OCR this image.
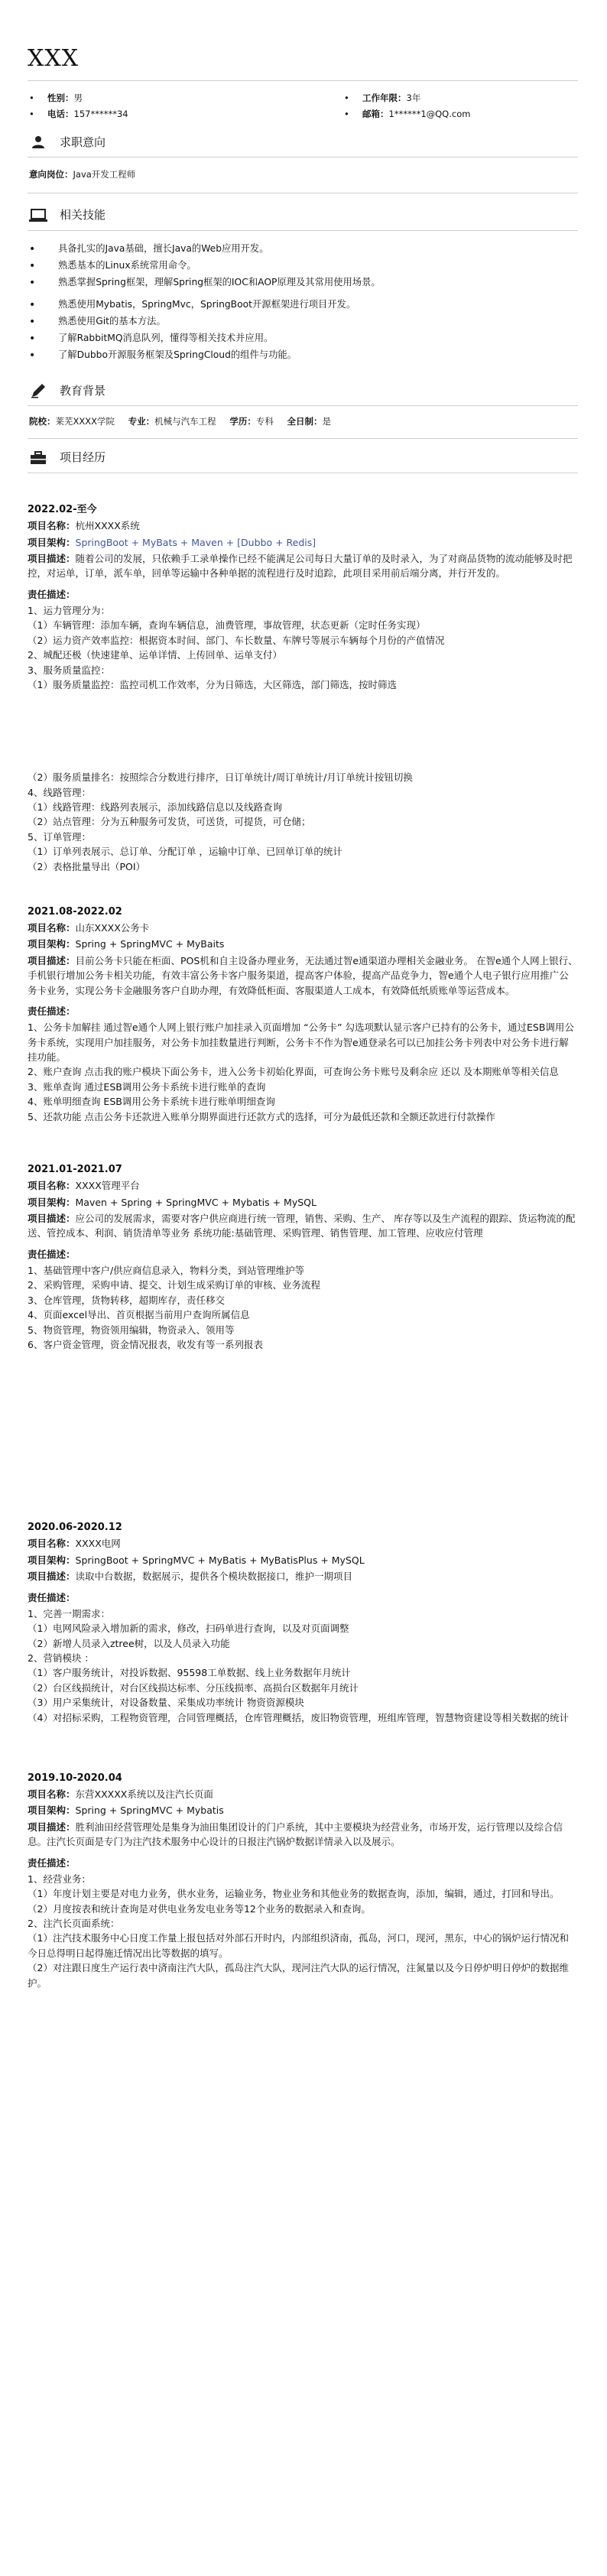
XXX
•	性别： 男	•	工作年限： 3年
•	电话： 157******34	•	邮箱： 1******1@QQ.com
求职意向
意向岗位：Java开发工程师
相关技能
• 具备扎实的Java基础，擅长Java的Web应用开发。
• 熟悉基本的Linux系统常用命令。
• 熟悉掌握Spring框架，理解Spring框架的IOC和AOP原理及其常用使用场景。
• 熟悉使用Mybatis，SpringMvc，SpringBoot开源框架进行项目开发。
• 熟悉使用Git的基本方法。
• 了解RabbitMQ消息队列，懂得等相关技术并应用。
• 了解Dubbo开源服务框架及SpringCloud的组件与功能。
教育背景
院校：莱芜XXXX学院 专业：机械与汽车工程 学历：专科 全日制：是
项目经历

2022.02-至今

项目名称：杭州XXXX系统

项目架构：SpringBoot + MyBats + Maven + [Dubbo + Redis]

项目描述：随着公司的发展，只依赖手工录单操作已经不能满足公司每日大量订单的及时录入，为了对商品货物的流动能够及时把控，对运单，订单，派车单，回单等运输中各种单据的流程进行及时追踪，此项目采用前后端分离，并行开发的。

责任描述：

1、运力管理分为：

（1）车辆管理：添加车辆，查询车辆信息，油费管理，事故管理，状态更新（定时任务实现）

（2）运力资产效率监控：根据资本时间、部门、车长数量、车牌号等展示车辆每个月份的产值情况

2、城配还极（快速建单、运单详情、上传回单、运单支付）

3、服务质量监控：

（1）服务质量监控：监控司机工作效率，分为日筛选，大区筛选，部门筛选，按时筛选

（2）服务质量排名：按照综合分数进行排序，日订单统计/周订单统计/月订单统计按钮切换

4、线路管理：

（1）线路管理：线路列表展示，添加线路信息以及线路查询

（2）站点管理：分为五种服务可发货，可送货，可提货，可仓储；

5、订单管理：

（1）订单列表展示、总订单、分配订单 ，运输中订单、已回单订单的统计

（2）表格批量导出（POI）

2021.08-2022.02

项目名称：山东XXXX公务卡

项目架构：Spring + SpringMVC + MyBaits

项目描述：目前公务卡只能在柜面、POS机和自主设备办理业务，无法通过智e通渠道办理相关金融业务。 在智e通个人网上银行、手机银行增加公务卡相关功能，有效丰富公务卡客户服务渠道，提高客户体验，提高产品竞争力，智e通个人电子银行应用推广公务卡业务，实现公务卡金融服务客户自助办理，有效降低柜面、客服渠道人工成本，有效降低纸质账单等运营成本。

责任描述：

1、公务卡加解挂 通过智e通个人网上银行账户加挂录入页面增加 “公务卡” 勾选项默认显示客户已持有的公务卡，通过ESB调用公务卡系统，实现用户加挂服务，对公务卡加挂数量进行判断，公务卡不作为智e通登录名可以已加挂公务卡列表中对公务卡进行解挂功能。

2、账户查询 点击我的账户模块下面公务卡，进入公务卡初始化界面，可查询公务卡账号及剩余应 还以 及本期账单等相关信息

3、账单查询 通过ESB调用公务卡系统卡进行账单的查询

4、账单明细查询 ESB调用公务卡系统卡进行账单明细查询

5、还款功能 点击公务卡还款进入账单分期界面进行还款方式的选择，可分为最低还款和全额还款进行付款操作

2021.01-2021.07

项目名称：XXXX管理平台

项目架构：Maven + Spring + SpringMVC + Mybatis + MySQL

项目描述：应公司的发展需求，需要对客户供应商进行统一管理，销售、采购、生产、 库存等以及生产流程的跟踪、货运物流的配送、管控成本、利润、销货清单等业务 系统功能:基础管理、采购管理、销售管理、加工管理、应收应付管理

责任描述：

1、基础管理中客户/供应商信息录入，物料分类，到站管理维护等

2、采购管理，采购申请、提交、计划生成采购订单的审核、业务流程

3、仓库管理，货物转移，超期库存，责任移交

4、页面excel导出、首页根据当前用户查询所属信息

5、物资管理，物资领用编辑，物资录入、领用等

6、客户资金管理，资金情况报表，收发有等一系列报表

2020.06-2020.12

项目名称：XXXX电网

项目架构：SpringBoot + SpringMVC + MyBatis + MyBatisPlus + MySQL

项目描述：读取中台数据，数据展示，提供各个模块数据接口，维护一期项目

责任描述：

1、完善一期需求：

（1）电网风险录入增加新的需求，修改，扫码单进行查询，以及对页面调整

（2）新增人员录入ztree树，以及人员录入功能

2、营销模块 ：

（1）客户服务统计，对投诉数据、95598工单数据、线上业务数据年月统计

（2）台区线损统计，对台区线损达标率、分压线损率、高损台区数据年月统计

（3）用户采集统计，对设备数量、采集成功率统计 物资资源模块

（4）对招标采购，工程物资管理，合同管理概括，仓库管理概括，废旧物资管理，班组库管理，智慧物资建设等相关数据的统计

2019.10-2020.04

项目名称：东营XXXXX系统以及注汽长页面

项目架构：Spring + SpringMVC + Mybatis

项目描述：胜利油田经营管理处是集身为油田集团设计的门户系统，其中主要模块为经营业务，市场开发，运行管理以及综合信息。注汽长页面是专门为注汽技术服务中心设计的日报注汽锅炉数据详情录入以及展示。

责任描述：

1、经营业务：

（1）年度计划主要是对电力业务，供水业务，运输业务，物业业务和其他业务的数据查询，添加，编辑，通过，打回和导出。

（2）月度按表和统计查询是对供电业务发电业务等12个业务的数据录入和查询。

2、注汽长页面系统：

（1）注汽技术服务中心日度工作量上报包括对外部石开时内，内部组织済南，孤岛，河口，现河，黑东，中心的锅炉运行情况和今日总得明日起得施迁情况出比等数据的填写。

（2）对注跟日度生产运行表中済南注汽大队，孤岛注汽大队，现河注汽大队的运行情况，注氮量以及今日停炉明日停炉的数据维护。
